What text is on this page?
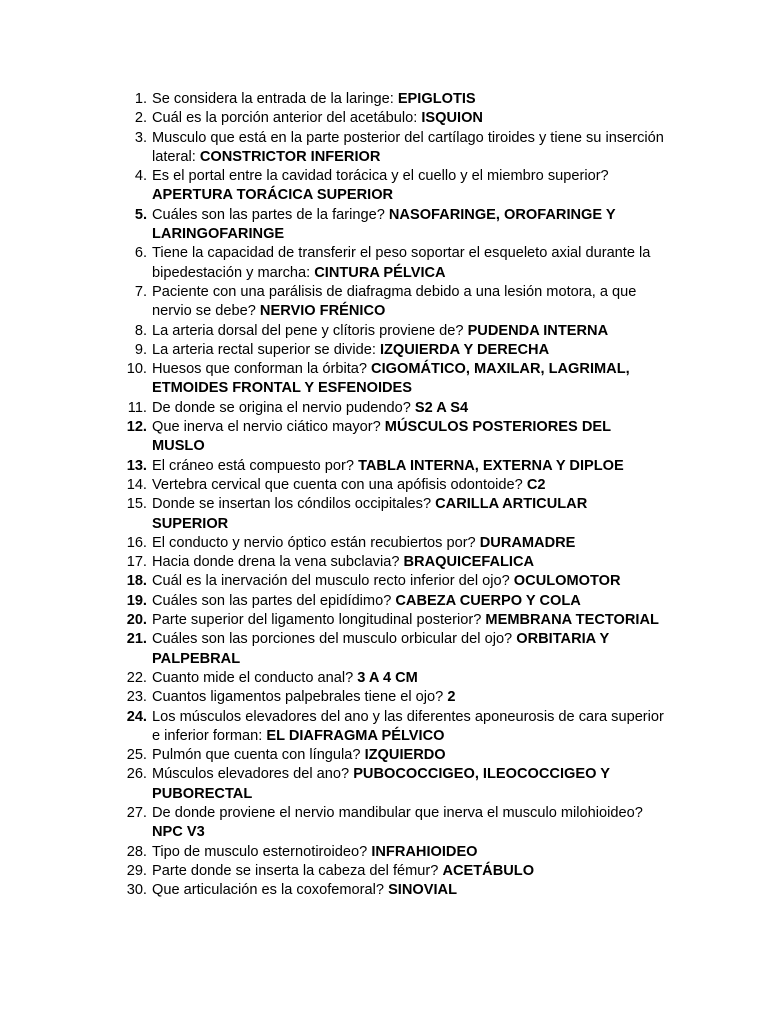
1. Se considera la entrada de la laringe: EPIGLOTIS
2. Cuál es la porción anterior del acetábulo: ISQUION
3. Musculo que está en la parte posterior del cartílago tiroides y tiene su inserción lateral: CONSTRICTOR INFERIOR
4. Es el portal entre la cavidad torácica y el cuello y el miembro superior? APERTURA TORÁCICA SUPERIOR
5. Cuáles son las partes de la faringe? NASOFARINGE, OROFARINGE Y LARINGOFARINGE
6. Tiene la capacidad de transferir el peso soportar el esqueleto axial durante la bipedestación y marcha: CINTURA PÉLVICA
7. Paciente con una parálisis de diafragma debido a una lesión motora, a que nervio se debe? NERVIO FRÉNICO
8. La arteria dorsal del pene y clítoris proviene de? PUDENDA INTERNA
9. La arteria rectal superior se divide: IZQUIERDA Y DERECHA
10. Huesos que conforman la órbita? CIGOMÁTICO, MAXILAR, LAGRIMAL, ETMOIDES FRONTAL Y ESFENOIDES
11. De donde se origina el nervio pudendo? S2 A S4
12. Que inerva el nervio ciático mayor? MÚSCULOS POSTERIORES DEL MUSLO
13. El cráneo está compuesto por? TABLA INTERNA, EXTERNA Y DIPLOE
14. Vertebra cervical que cuenta con una apófisis odontoide? C2
15. Donde se insertan los cóndilos occipitales? CARILLA ARTICULAR SUPERIOR
16. El conducto y nervio óptico están recubiertos por? DURAMADRE
17. Hacia donde drena la vena subclavia? BRAQUICEFALICA
18. Cuál es la inervación del musculo recto inferior del ojo? OCULOMOTOR
19. Cuáles son las partes del epidídimo? CABEZA CUERPO Y COLA
20. Parte superior del ligamento longitudinal posterior? MEMBRANA TECTORIAL
21. Cuáles son las porciones del musculo orbicular del ojo? ORBITARIA Y PALPEBRAL
22. Cuanto mide el conducto anal? 3 A 4 CM
23. Cuantos ligamentos palpebrales tiene el ojo? 2
24. Los músculos elevadores del ano y las diferentes aponeurosis de cara superior e inferior forman: EL DIAFRAGMA PÉLVICO
25. Pulmón que cuenta con língula? IZQUIERDO
26. Músculos elevadores del ano? PUBOCOCCIGEO, ILEOCOCCIGEO Y PUBORECTAL
27. De donde proviene el nervio mandibular que inerva el musculo milohioideo? NPC V3
28. Tipo de musculo esternotiroideo? INFRAHIOIDEO
29. Parte donde se inserta la cabeza del fémur? ACETÁBULO
30. Que articulación es la coxofemoral? SINOVIAL
